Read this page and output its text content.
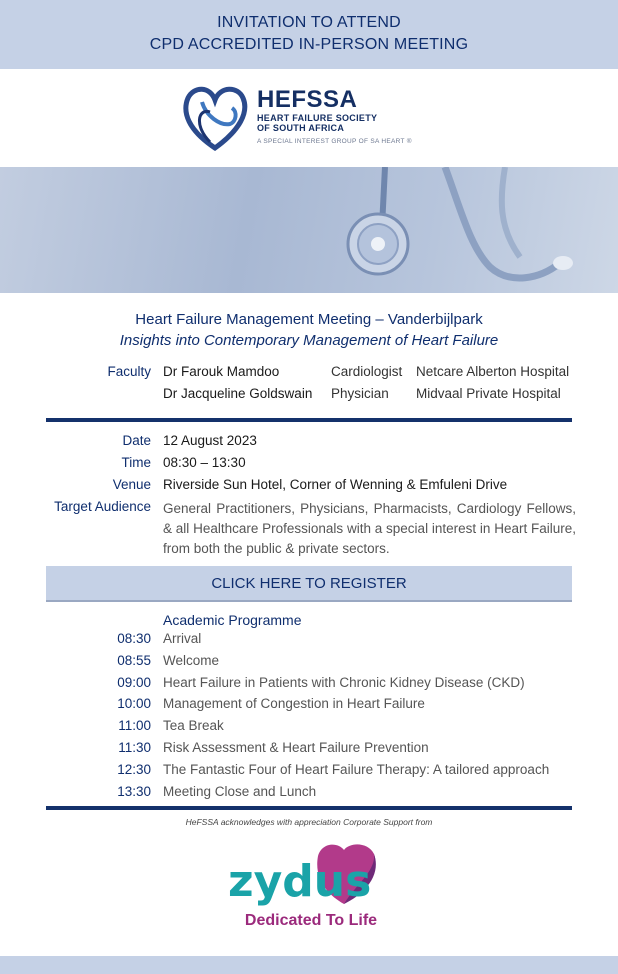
INVITATION TO ATTEND
CPD ACCREDITED IN-PERSON MEETING
HEFSSA
HEART FAILURE SOCIETY
OF SOUTH AFRICA
A SPECIAL INTEREST GROUP OF SA HEART ®
Heart Failure Management Meeting – Vanderbijlpark
Insights into Contemporary Management of Heart Failure
Faculty Dr Farouk Mamdoo	Cardiologist Netcare Alberton Hospital
Dr Jacqueline Goldswain Physician Midvaal Private Hospital
Date 12 August 2023
Time 08:30 – 13:30
Venue Riverside Sun Hotel, Corner of Wenning & Emfuleni Drive
Target Audience General Practitioners, Physicians, Pharmacists, Cardiology Fellows, & all Healthcare Professionals with a special interest in Heart Failure, from both the public & private sectors.
CLICK HERE TO REGISTER
Academic Programme
08:30 Arrival
08:55 Welcome
09:00 Heart Failure in Patients with Chronic Kidney Disease (CKD)
10:00 Management of Congestion in Heart Failure
11:00 Tea Break
11:30 Risk Assessment & Heart Failure Prevention
12:30 The Fantastic Four of Heart Failure Therapy: A tailored approach
13:30 Meeting Close and Lunch
HeFSSA acknowledges with appreciation Corporate Support from
zydus
Dedicated To Life
